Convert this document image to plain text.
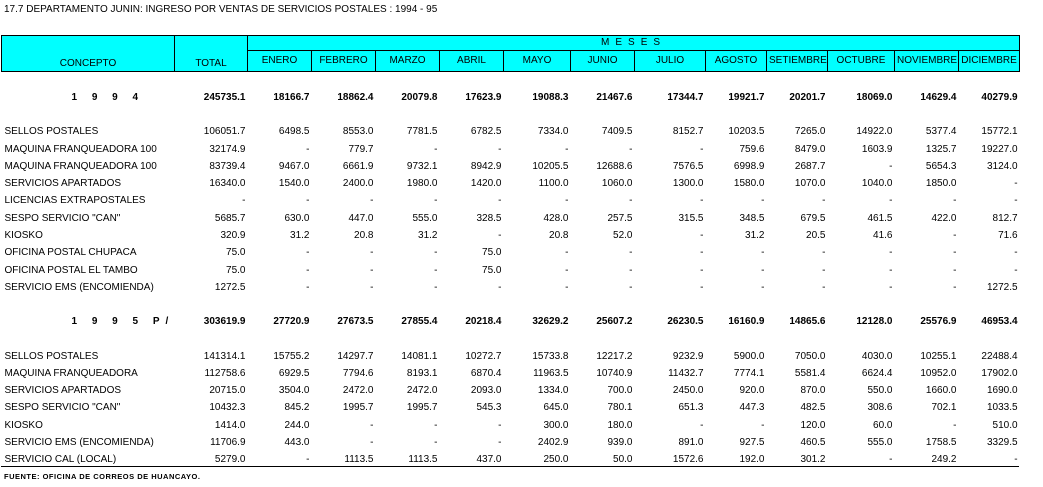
17.7 DEPARTAMENTO JUNIN: INGRESO POR VENTAS DE SERVICIOS POSTALES : 1994 - 95
CONCEPTO	TOTAL	MESES											
		ENERO	FEBRERO	MARZO	ABRIL	MAYO	JUNIO	JULIO	AGOSTO	SETIEMBRE	OCTUBRE	NOVIEMBRE	DICIEMBRE

1 9 9 4	245735.1	18166.7	18862.4	20079.8	17623.9	19088.3	21467.6	17344.7	19921.7	20201.7	18069.0	14629.4	40279.9

SELLOS POSTALES	106051.7	6498.5	8553.0	7781.5	6782.5	7334.0	7409.5	8152.7	10203.5	7265.0	14922.0	5377.4	15772.1
MAQUINA FRANQUEADORA 100	32174.9	-	779.7	-	-	-	-	-	759.6	8479.0	1603.9	1325.7	19227.0
MAQUINA FRANQUEADORA 100	83739.4	9467.0	6661.9	9732.1	8942.9	10205.5	12688.6	7576.5	6998.9	2687.7	-	5654.3	3124.0
SERVICIOS APARTADOS	16340.0	1540.0	2400.0	1980.0	1420.0	1100.0	1060.0	1300.0	1580.0	1070.0	1040.0	1850.0	-
LICENCIAS EXTRAPOSTALES	-	-	-	-	-	-	-	-	-	-	-	-	-
SESPO SERVICIO "CAN"	5685.7	630.0	447.0	555.0	328.5	428.0	257.5	315.5	348.5	679.5	461.5	422.0	812.7
KIOSKO	320.9	31.2	20.8	31.2	-	20.8	52.0	-	31.2	20.5	41.6	-	71.6
OFICINA POSTAL CHUPACA	75.0	-	-	-	75.0	-	-	-	-	-	-	-	-
OFICINA POSTAL EL TAMBO	75.0	-	-	-	75.0	-	-	-	-	-	-	-	-
SERVICIO EMS (ENCOMIENDA)	1272.5	-	-	-	-	-	-	-	-	-	-	-	1272.5

1 9 9 5 P/	303619.9	27720.9	27673.5	27855.4	20218.4	32629.2	25607.2	26230.5	16160.9	14865.6	12128.0	25576.9	46953.4

SELLOS POSTALES	141314.1	15755.2	14297.7	14081.1	10272.7	15733.8	12217.2	9232.9	5900.0	7050.0	4030.0	10255.1	22488.4
MAQUINA FRANQUEADORA	112758.6	6929.5	7794.6	8193.1	6870.4	11963.5	10740.9	11432.7	7774.1	5581.4	6624.4	10952.0	17902.0
SERVICIOS APARTADOS	20715.0	3504.0	2472.0	2472.0	2093.0	1334.0	700.0	2450.0	920.0	870.0	550.0	1660.0	1690.0
SESPO SERVICIO "CAN"	10432.3	845.2	1995.7	1995.7	545.3	645.0	780.1	651.3	447.3	482.5	308.6	702.1	1033.5
KIOSKO	1414.0	244.0	-	-	-	300.0	180.0	-	-	120.0	60.0	-	510.0
SERVICIO EMS (ENCOMIENDA)	11706.9	443.0	-	-	-	2402.9	939.0	891.0	927.5	460.5	555.0	1758.5	3329.5
SERVICIO CAL (LOCAL)	5279.0	-	1113.5	1113.5	437.0	250.0	50.0	1572.6	192.0	301.2	-	249.2	-
FUENTE: OFICINA DE CORREOS DE HUANCAYO.
